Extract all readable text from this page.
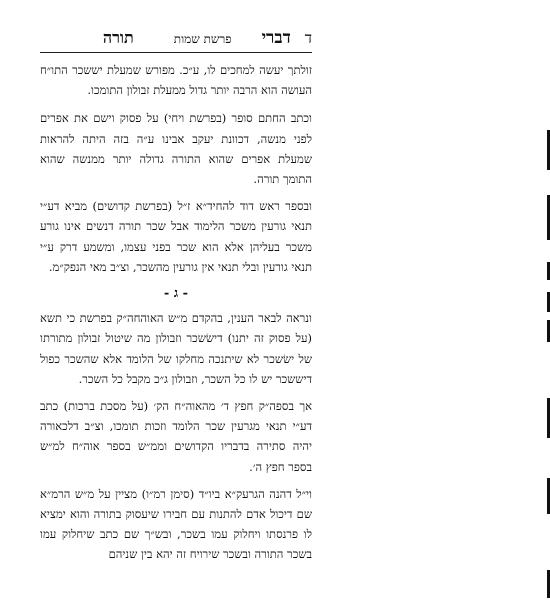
ד
דברי
פרשת שמות
תורה

זולתך יעשה למחכים לו, ע״כ. מפורש שמעלת יששכר התו״ח העושה הוא הרבה יותר גדול ממעלת זבולון התומכו.

וכתב החתם סופר (בפרשת ויחי) על פסוק וישם את אפרים לפני מנשה, דכוונת יעקב אבינו ע״ה בזה היתה להראות שמעלת אפרים שהוא התורה גדולה יותר ממנשה שהוא התומך תורה.

ובספר ראש דוד להחיד״א ז״ל (בפרשת קדושים) מביא דע״י תנאי גורעין משכר הלימוד אבל שכר תורה דנשים אינו גורע משכר בעליהן אלא הוא שכר בפני עצמו, ומשמע דרק ע״י תנאי גורעין ובלי תנאי אין גורעין מהשכר, וצ״ב מאי הנפק״מ.

- ג -

ונראה לבאר הענין, בהקדם מ״ש האוהחה״ק בפרשת כי תשא (על פסוק זה יתנו) דישׂשכר וזבולון מה שיטול זבולון מתורתו של ישׂשכר לא שיתנכה מחלקו של הלומד אלא שהשכר כפול דיששכר יש לו כל השכר, וזבולון ג״כ מקבל כל השכר.

אך בספה״ק חפץ ד׳ מהאוה״ח הק׳ (על מסכת ברכות) כתב דע״י תנאי מגרעין שכר הלומד וזכות תומכו, וצ״ב דלכאורה יהיה סתירה בדבריו הקדושים וממ״ש בספר אוה״ח למ״ש בספר חפץ ה׳.

וי״ל דהנה הגרעק״א ביו״ד (סימן רמ״ו) מציין על מ״ש הרמ״א שם דיכול אדם להתנות עם חבירו שיעסוק בתורה והוא ימציא לו פרנסתו ויחלוק עמו בשכר, ובש״ך שם כתב שיחלוק עמו בשכר התורה ובשכר שירויח זה יהא בין שניהם
